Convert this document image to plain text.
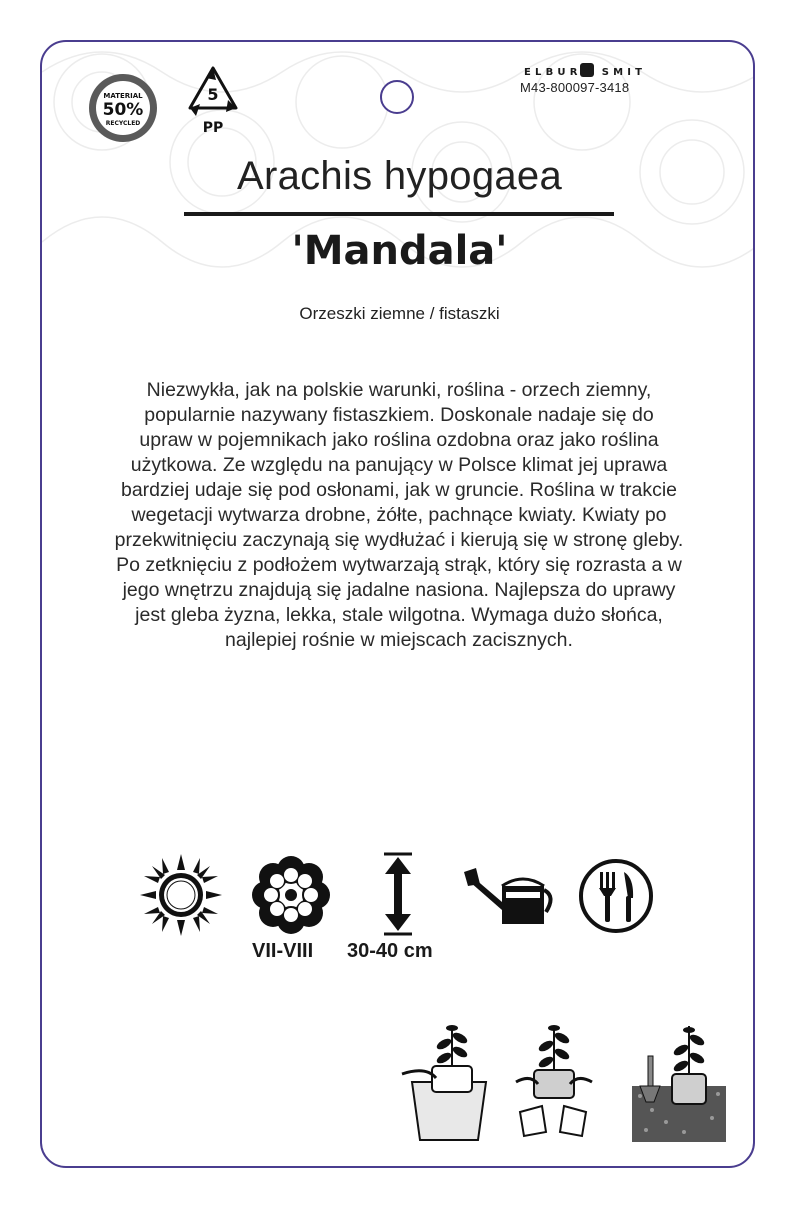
MATERIAL
50%
RECYCLED
5
PP
ELBURG SMIT
M43-800097-3418
Arachis hypogaea
'Mandala'
Orzeszki ziemne / fistaszki
Niezwykła, jak na polskie warunki, roślina - orzech ziemny,
popularnie nazywany fistaszkiem. Doskonale nadaje się do
upraw w pojemnikach jako roślina ozdobna oraz jako roślina
użytkowa. Ze względu na panujący w Polsce klimat jej uprawa
bardziej udaje się pod osłonami, jak w gruncie. Roślina w trakcie
wegetacji wytwarza drobne, żółte, pachnące kwiaty. Kwiaty po
przekwitnięciu zaczynają się wydłużać i kierują się w stronę gleby.
Po zetknięciu z podłożem wytwarzają strąk, który się rozrasta a w
jego wnętrzu znajdują się jadalne nasiona. Najlepsza do uprawy
jest gleba żyzna, lekka, stale wilgotna. Wymaga dużo słońca,
najlepiej rośnie w miejscach zacisznych.
VII-VIII 30-40 cm
